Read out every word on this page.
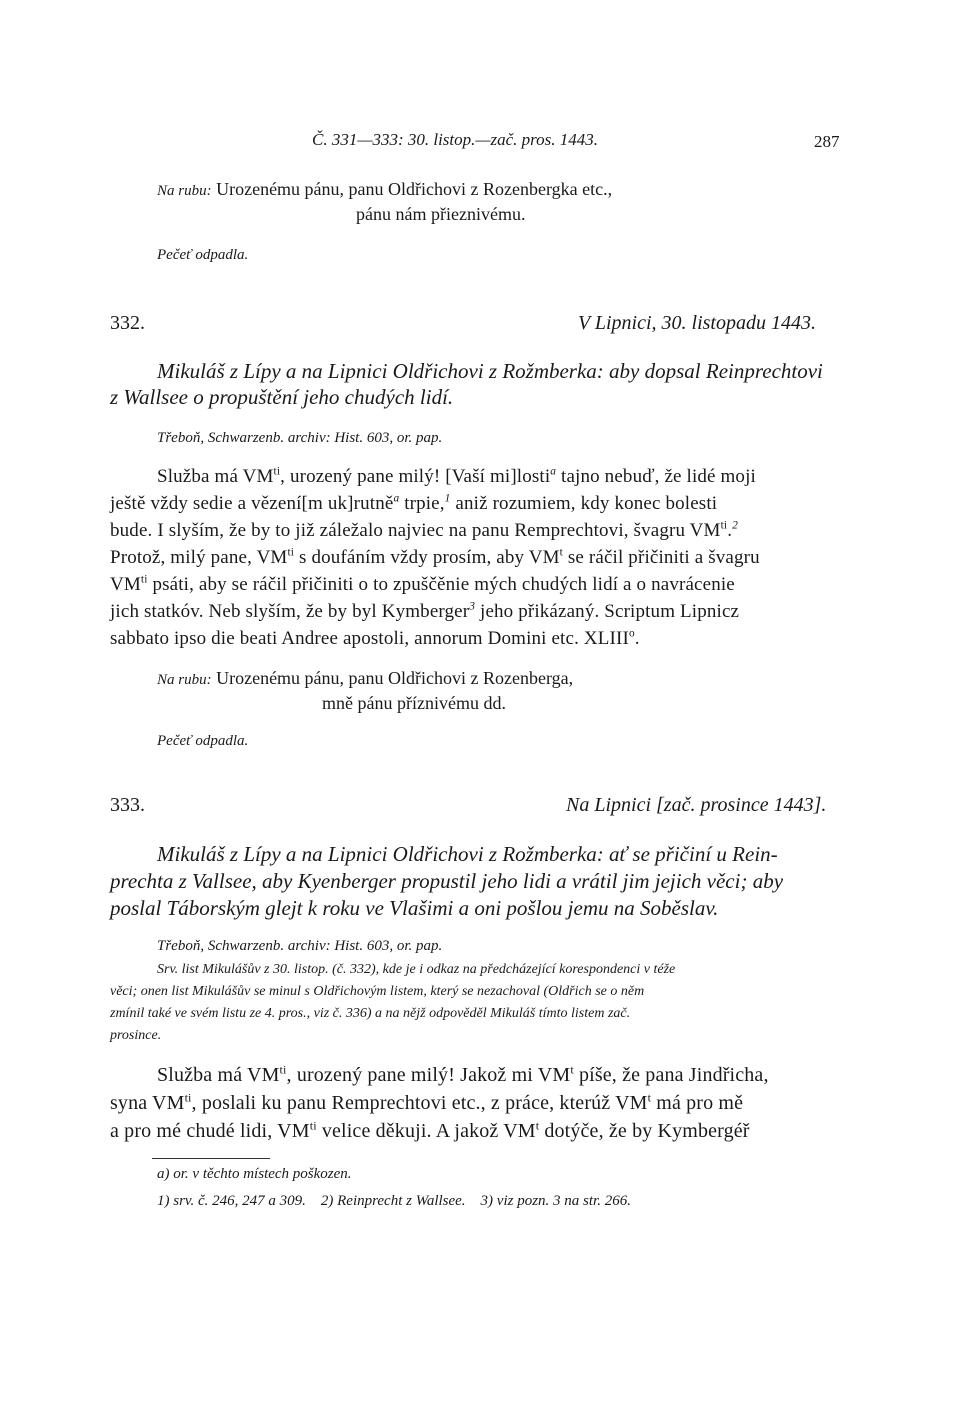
Č. 331—333: 30. listop.—zač. pros. 1443.	287
Na rubu: Urozenému pánu, panu Oldřichovi z Rozenbergka etc.,
pánu nám přieznivému.
Pečeť odpadla.
332.	V Lipnici, 30. listopadu 1443.
Mikuláš z Lípy a na Lipnici Oldřichovi z Rožmberka: aby dopsal Reinprechtovi
z Wallsee o propuštění jeho chudých lidí.
Třeboň, Schwarzenb. archiv: Hist. 603, or. pap.
Služba má $VM^{ti}$, urozený pane milý! [Vaší mi]losti$^a$ tajno nebuď, že lidé moji
ještě vždy sedie a vězení[m uk]rutně$^a$ trpie,$^1$ aniž rozumiem, kdy konec bolesti
bude. I slyším, že by to již záležalo najviec na panu Remprechtovi, švagru $VM^{ti}.^2$
Protož, milý pane, $VM^{ti}$ s doufáním vždy prosím, aby $VM^t$ se ráčil přičiniti a švagru
$VM^{ti}$ psáti, aby se ráčil přičiniti o to zpuščěnie mých chudých lidí a o navrácenie
jich statkóv. Neb slyším, že by byl Kymberger$^3$ jeho přikázaný. Scriptum Lipnicz
sabbato ipso die beati Andree apostoli, annorum Domini etc. XLIII$^o$.
Na rubu: Urozenému pánu, panu Oldřichovi z Rozenberga,
mně pánu příznivému dd.
Pečeť odpadla.
333.	Na Lipnici [zač. prosince 1443].
Mikuláš z Lípy a na Lipnici Oldřichovi z Rožmberka: ať se přičiní u Rein-
prechta z Vallsee, aby Kyenberger propustil jeho lidi a vrátil jim jejich věci; aby
poslal Táborským glejt k roku ve Vlašimi a oni pošlou jemu na Soběslav.
Třeboň, Schwarzenb. archiv: Hist. 603, or. pap.
Srv. list Mikulášův z 30. listop. (č. 332), kde je i odkaz na předcházející korespondenci v téže
věci; onen list Mikulášův se minul s Oldřichovým listem, který se nezachoval (Oldřich se o něm
zmínil také ve svém listu ze 4. pros., viz č. 336) a na nějž odpověděl Mikuláš tímto listem zač.
prosince.
Služba má $VM^{ti}$, urozený pane milý! Jakož mi $VM^t$ píše, že pana Jindřicha,
syna $VM^{ti}$, poslali ku panu Remprechtovi etc., z práce, kterúž $VM^t$ má pro mě
a pro mé chudé lidi, $VM^{ti}$ velice děkuji. A jakož $VM^t$ dotýče, že by Kymbergéř
a) or. v těchto místech poškozen.
1) srv. č. 246, 247 a 309.    2) Reinprecht z Wallsee.    3) viz pozn. 3 na str. 266.
